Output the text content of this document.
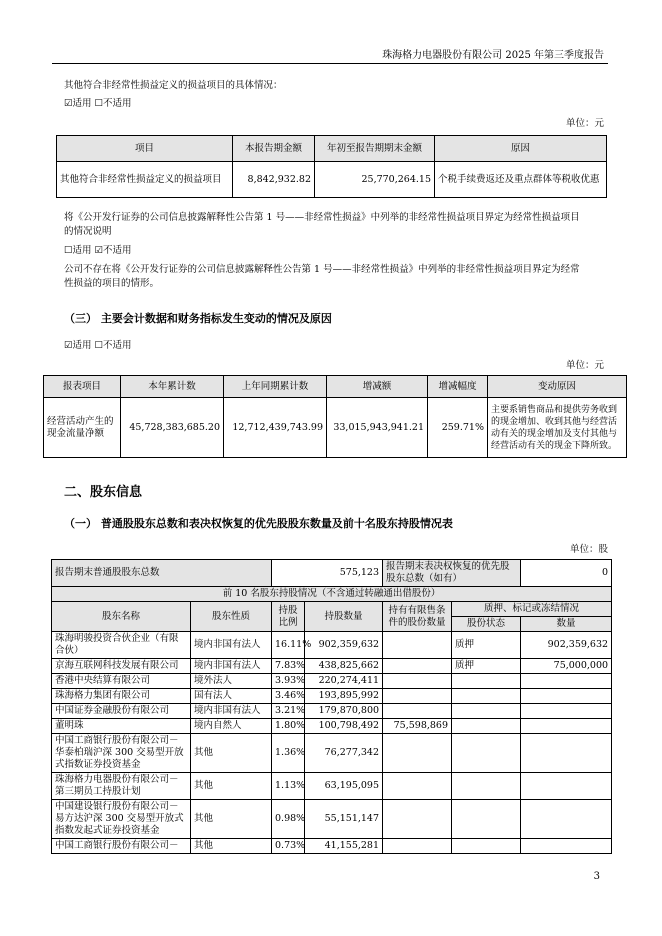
珠海格力电器股份有限公司 2025 年第三季度报告
其他符合非经常性损益定义的损益项目的具体情况：
☑适用 ☐不适用
单位：元
项目	本报告期金额	年初至报告期期末金额	原因
其他符合非经常性损益定义的损益项目	8,842,932.82	25,770,264.15	个税手续费返还及重点群体等税收优惠
将《公开发行证券的公司信息披露解释性公告第 1 号——非经常性损益》中列举的非经常性损益项目界定为经常性损益项目的情况说明
☐适用 ☑不适用
公司不存在将《公开发行证券的公司信息披露解释性公告第 1 号——非经常性损益》中列举的非经常性损益项目界定为经常性损益的项目的情形。
（三） 主要会计数据和财务指标发生变动的情况及原因
☑适用 ☐不适用
单位：元
报表项目	本年累计数	上年同期累计数	增减额	增减幅度	变动原因
经营活动产生的现金流量净额	45,728,383,685.20	12,712,439,743.99	33,015,943,941.21	259.71%	主要系销售商品和提供劳务收到的现金增加、收到其他与经营活动有关的现金增加及支付其他与经营活动有关的现金下降所致。
二、股东信息
（一） 普通股股东总数和表决权恢复的优先股股东数量及前十名股东持股情况表
单位：股
报告期末普通股股东总数		575,123		报告期末表决权恢复的优先股股东总数（如有）		0
前 10 名股东持股情况（不含通过转融通出借股份）						
股东名称	股东性质	持股比例	持股数量	持有有限售条件的股份数量	质押、标记或冻结情况	
					股份状态	数量
珠海明骏投资合伙企业（有限合伙）	境内非国有法人	16.11%	902,359,632		质押	902,359,632
京海互联网科技发展有限公司	境内非国有法人	7.83%	438,825,662		质押	75,000,000
香港中央结算有限公司	境外法人	3.93%	220,274,411			
珠海格力集团有限公司	国有法人	3.46%	193,895,992			
中国证券金融股份有限公司	境内非国有法人	3.21%	179,870,800			
董明珠	境内自然人	1.80%	100,798,492	75,598,869		
中国工商银行股份有限公司－华泰柏瑞沪深 300 交易型开放式指数证券投资基金	其他	1.36%	76,277,342			
珠海格力电器股份有限公司－第三期员工持股计划	其他	1.13%	63,195,095			
中国建设银行股份有限公司－易方达沪深 300 交易型开放式指数发起式证券投资基金	其他	0.98%	55,151,147			
中国工商银行股份有限公司－	其他	0.73%	41,155,281			
3
